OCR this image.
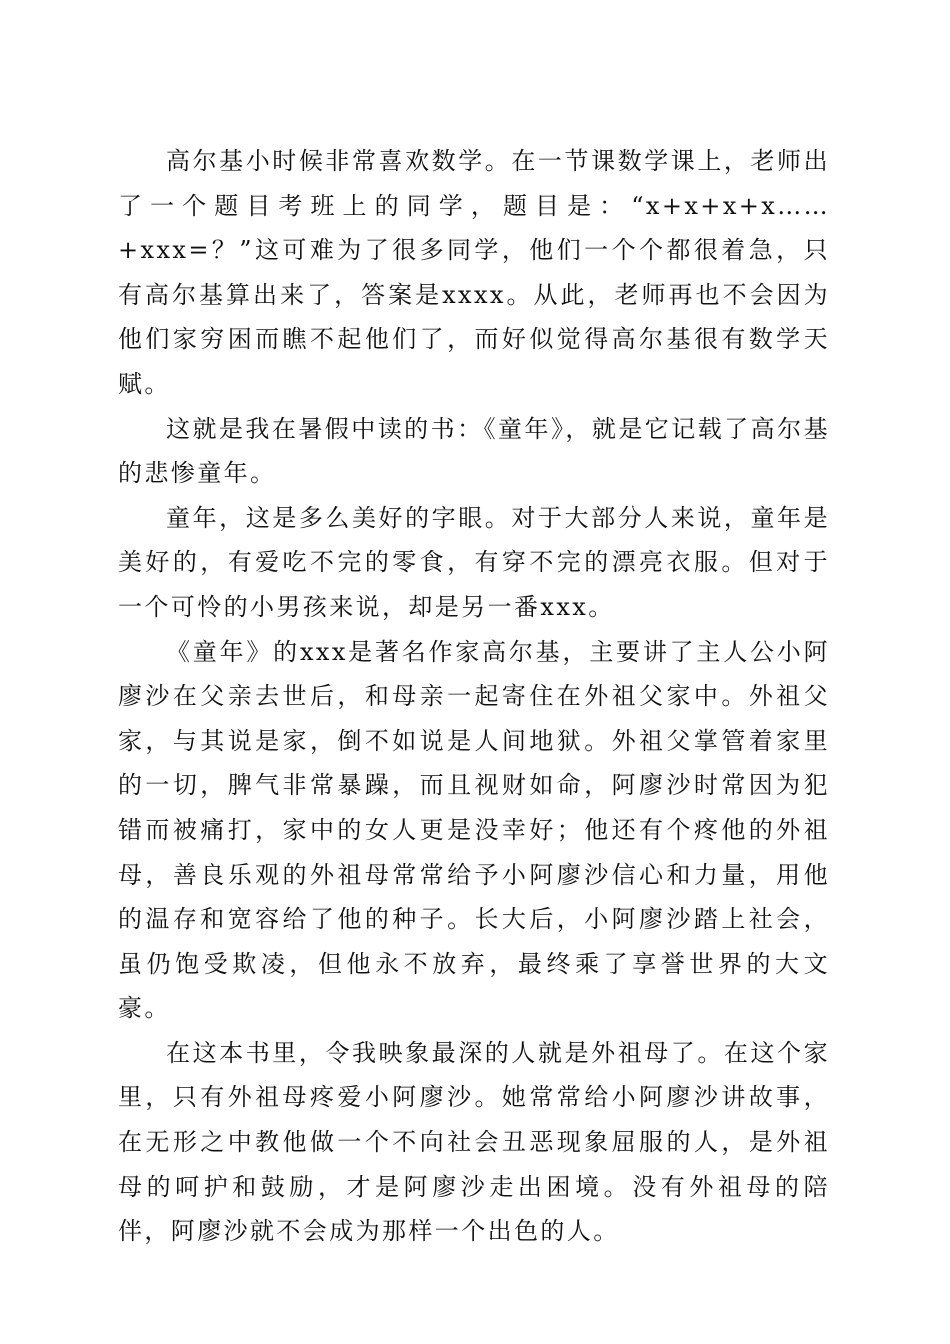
高尔基小时候非常喜欢数学。在一节课数学课上，老师出了一个题目考班上的同学，题目是：“x+x+x+x……+xxx=？”这可难为了很多同学，他们一个个都很着急，只有高尔基算出来了，答案是xxxx。从此，老师再也不会因为他们家穷困而瞧不起他们了，而好似觉得高尔基很有数学天赋。

这就是我在暑假中读的书：《童年》，就是它记载了高尔基的悲惨童年。

童年，这是多么美好的字眼。对于大部分人来说，童年是美好的，有爱吃不完的零食，有穿不完的漂亮衣服。但对于一个可怜的小男孩来说，却是另一番xxx。

《童年》的xxx是著名作家高尔基，主要讲了主人公小阿廖沙在父亲去世后，和母亲一起寄住在外祖父家中。外祖父家，与其说是家，倒不如说是人间地狱。外祖父掌管着家里的一切，脾气非常暴躁，而且视财如命，阿廖沙时常因为犯错而被痛打，家中的女人更是没幸好；他还有个疼他的外祖母，善良乐观的外祖母常常给予小阿廖沙信心和力量，用他的温存和宽容给了他的种子。长大后，小阿廖沙踏上社会，虽仍饱受欺凌，但他永不放弃，最终乘了享誉世界的大文豪。

在这本书里，令我映象最深的人就是外祖母了。在这个家里，只有外祖母疼爱小阿廖沙。她常常给小阿廖沙讲故事，在无形之中教他做一个不向社会丑恶现象屈服的人，是外祖母的呵护和鼓励，才是阿廖沙走出困境。没有外祖母的陪伴，阿廖沙就不会成为那样一个出色的人。
